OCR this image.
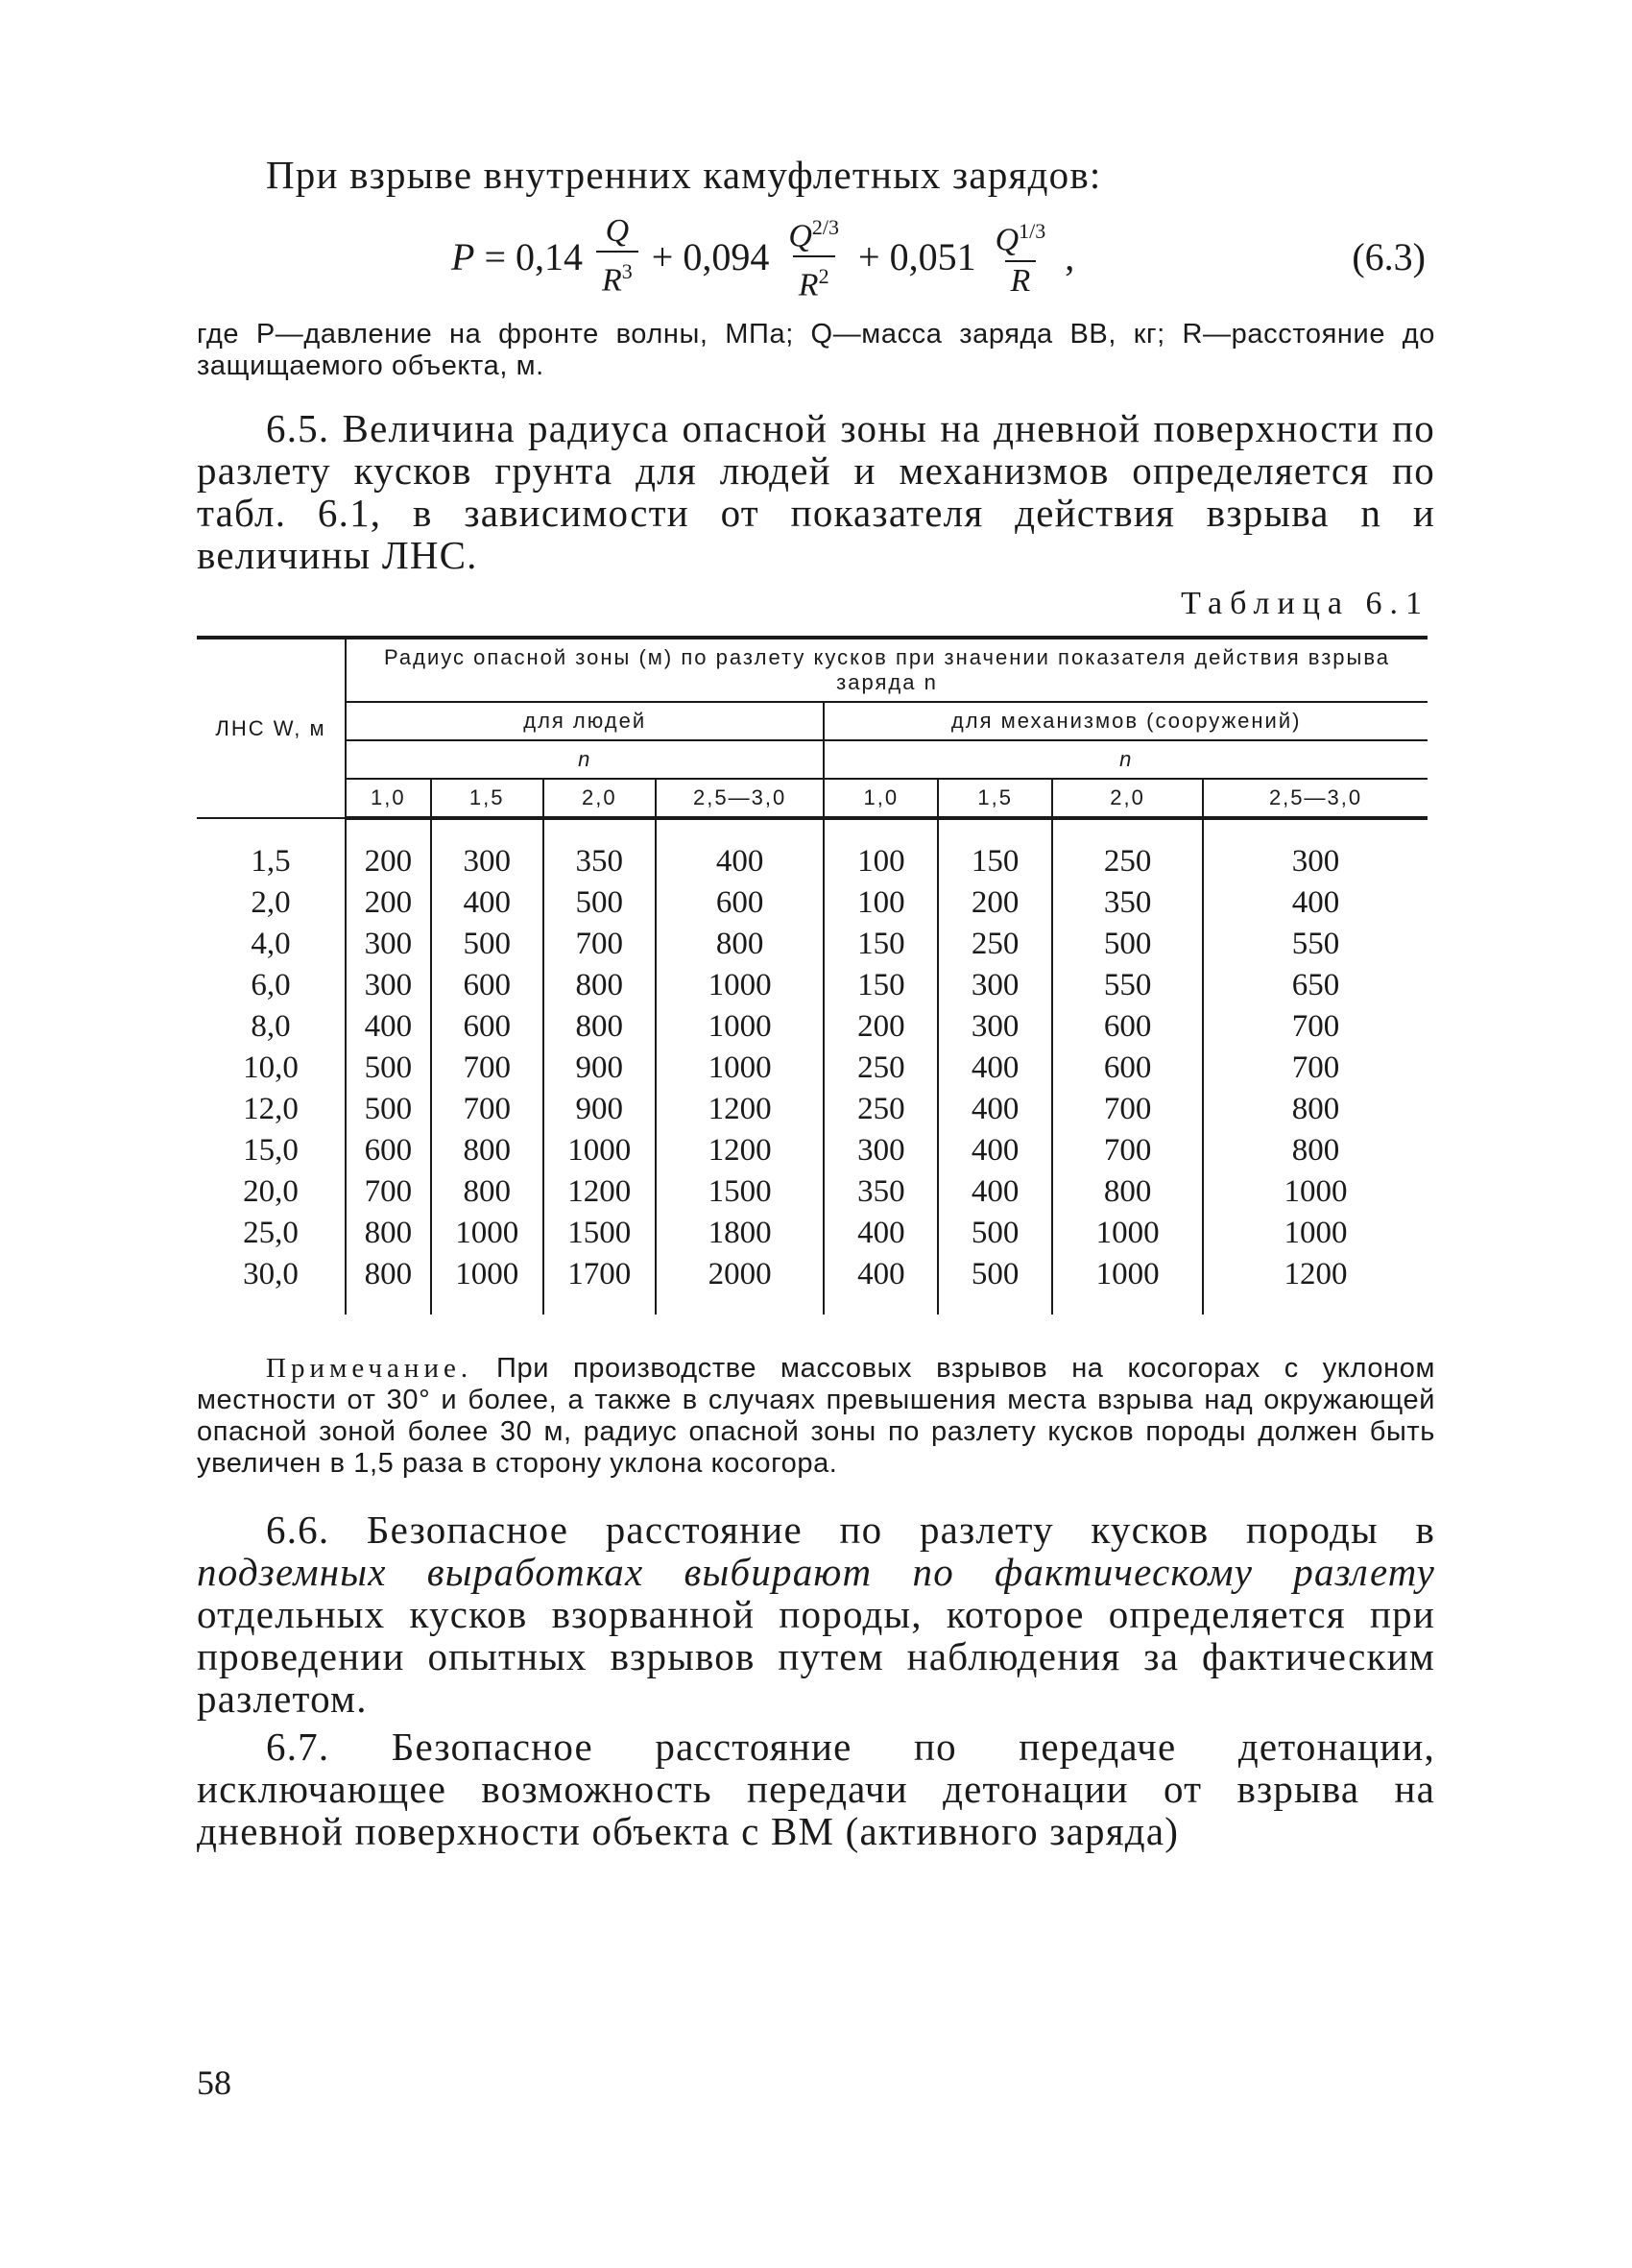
При взрыве внутренних камуфлетных зарядов:

$P = 0,14 \frac{Q}{R^3} + 0,094 \frac{Q^{2/3}}{R^2} + 0,051 \frac{Q^{1/3}}{R}$ ,	(6.3)

где P—давление на фронте волны, МПа; Q—масса заряда ВВ, кг; R—расстояние до защищаемого объекта, м.

6.5. Величина радиуса опасной зоны на дневной поверхности по разлету кусков грунта для людей и механизмов определяется по табл. 6.1, в зависимости от показателя действия взрыва n и величины ЛНС.

Таблица 6.1
ЛНС W, м	Радиус опасной зоны (м) по разлету кусков при значении показателя действия взрыва заряда n							
	для людей				для механизмов (сооружений)			
	n				n			
	1,0	1,5	2,0	2,5—3,0	1,0	1,5	2,0	2,5—3,0

1,5	200	300	350	400	100	150	250	300
2,0	200	400	500	600	100	200	350	400
4,0	300	500	700	800	150	250	500	550
6,0	300	600	800	1000	150	300	550	650
8,0	400	600	800	1000	200	300	600	700
10,0	500	700	900	1000	250	400	600	700
12,0	500	700	900	1200	250	400	700	800
15,0	600	800	1000	1200	300	400	700	800
20,0	700	800	1200	1500	350	400	800	1000
25,0	800	1000	1500	1800	400	500	1000	1000
30,0	800	1000	1700	2000	400	500	1000	1200

Примечание. При производстве массовых взрывов на косогорах с уклоном местности от 30° и более, а также в случаях превышения места взрыва над окружающей опасной зоной более 30 м, радиус опасной зоны по разлету кусков породы должен быть увеличен в 1,5 раза в сторону уклона косогора.

6.6. Безопасное расстояние по разлету кусков породы в подземных выработках выбирают по фактическому разлету отдельных кусков взорванной породы, которое определяется при проведении опытных взрывов путем наблюдения за фактическим разлетом.

6.7. Безопасное расстояние по передаче детонации, исключающее возможность передачи детонации от взрыва на дневной поверхности объекта с ВМ (активного заряда)

58
